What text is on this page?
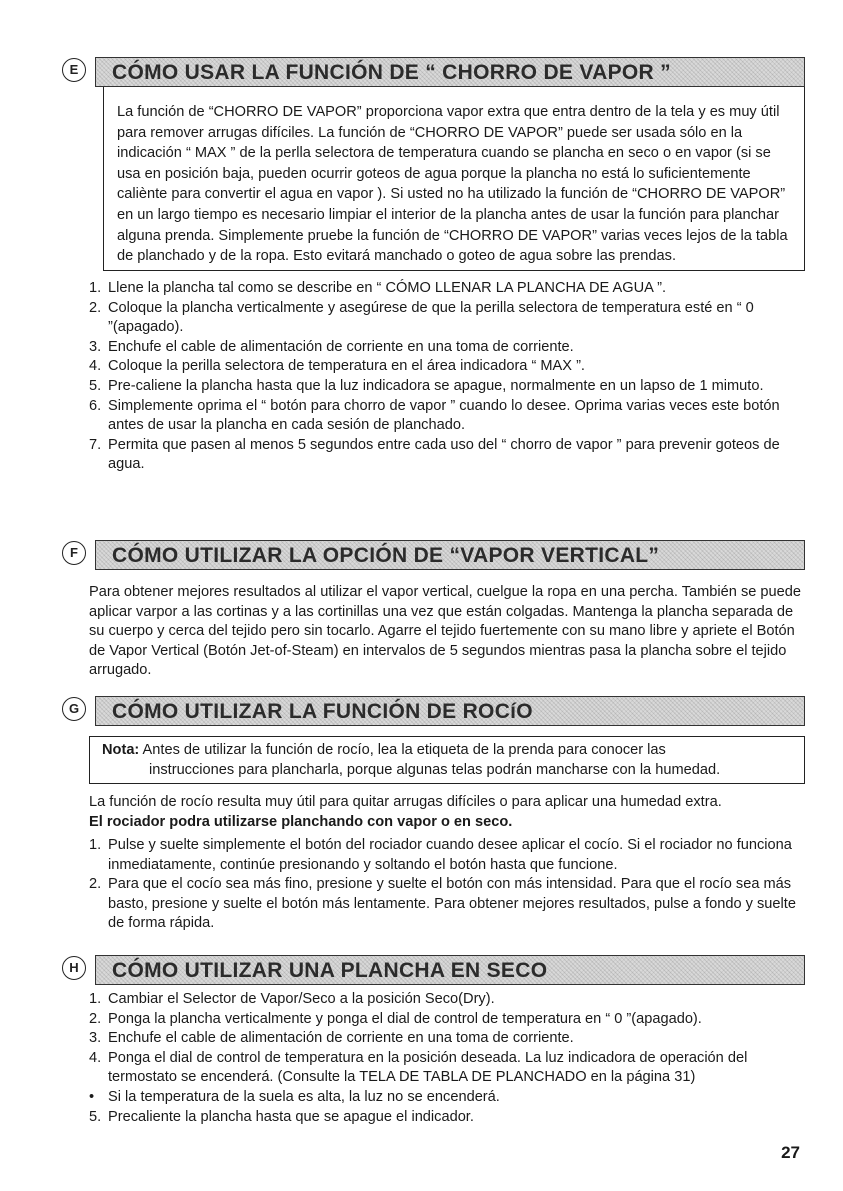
E	CÓMO USAR LA FUNCIÓN DE “ CHORRO DE VAPOR ”
La función de “CHORRO DE VAPOR” proporciona vapor extra que entra dentro de la tela y es muy útil para remover arrugas difíciles. La función de “CHORRO DE VAPOR” puede ser usada sólo en la indicación “ MAX ” de la perlla selectora de temperatura cuando se plancha en seco o en vapor (si se usa en posición baja, pueden ocurrir goteos de agua porque la plancha no está lo suficientemente caliènte para convertir el agua en vapor ). Si usted no ha utilizado la función de “CHORRO DE VAPOR” en un largo tiempo es necesario limpiar el interior de la plancha antes de usar la función para planchar alguna prenda. Simplemente pruebe la función de “CHORRO DE VAPOR” varias veces lejos de la tabla de planchado y de la ropa. Esto evitará manchado o goteo de agua sobre las prendas.
1. Llene la plancha tal como se describe en “ CÓMO LLENAR LA PLANCHA DE AGUA ”.
2. Coloque la plancha verticalmente y asegúrese de que la perilla selectora de temperatura esté en “ 0 ”(apagado).
3. Enchufe el cable de alimentación de corriente en una toma de corriente.
4. Coloque la perilla selectora de temperatura en el área indicadora “ MAX ”.
5. Pre-caliene la plancha hasta que la luz indicadora se apague, normalmente en un lapso de 1 mimuto.
6. Simplemente oprima el “ botón para chorro de vapor ” cuando lo desee. Oprima varias veces este botón antes de usar la plancha en cada sesión de planchado.
7. Permita que pasen al menos 5 segundos entre cada uso del “ chorro de vapor ” para prevenir goteos de agua.
F	CÓMO UTILIZAR LA OPCIÓN DE “VAPOR VERTICAL”
Para obtener mejores resultados al utilizar el vapor vertical, cuelgue la ropa en una percha. También se puede aplicar varpor a las cortinas y a las cortinillas una vez que están colgadas. Mantenga la plancha separada de su cuerpo y cerca del tejido pero sin tocarlo. Agarre el tejido fuertemente con su mano libre y apriete el Botón de Vapor Vertical (Botón Jet-of-Steam) en intervalos de 5 segundos mientras pasa la plancha sobre el tejido arrugado.
G	CÓMO UTILIZAR LA FUNCIÓN DE ROCíO
Nota: Antes de utilizar la función de rocío, lea la etiqueta de la prenda para conocer las
instrucciones para plancharla, porque algunas telas podrán mancharse con la humedad.
La función de rocío resulta muy útil para quitar arrugas difíciles o para aplicar una humedad extra.
El rociador podra utilizarse planchando con vapor o en seco.
1. Pulse y suelte simplemente el botón del rociador cuando desee aplicar el cocío. Si el rociador no funciona inmediatamente, continúe presionando y soltando el botón hasta que funcione.
2. Para que el cocío sea más fino, presione y suelte el botón con más intensidad. Para que el rocío sea más basto, presione y suelte el botón más lentamente. Para obtener mejores resultados, pulse a fondo y suelte de forma rápida.
H	CÓMO UTILIZAR UNA PLANCHA EN SECO
1. Cambiar el Selector de Vapor/Seco a la posición Seco(Dry).
2. Ponga la plancha verticalmente y ponga el dial de control de temperatura en “ 0 ”(apagado).
3. Enchufe el cable de alimentación de corriente en una toma de corriente.
4. Ponga el dial de control de temperatura en la posición deseada. La luz indicadora de operación del termostato se encenderá. (Consulte la TELA DE TABLA DE PLANCHADO en la página 31)
• Si la temperatura de la suela es alta, la luz no se encenderá.
5. Precaliente la plancha hasta que se apague el indicador.
27
